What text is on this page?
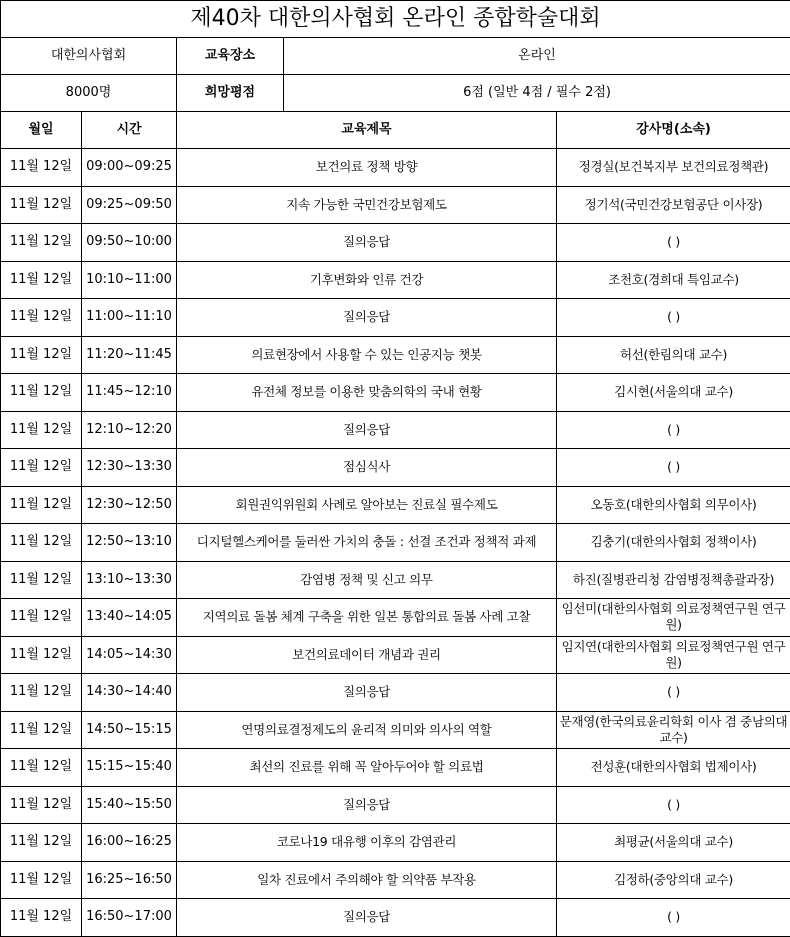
제40차 대한의사협회 온라인 종합학술대회				
대한의사협회		교육장소	온라인	
8000명		희망평점	6점 (일반 4점 / 필수 2점)	
월일	시간	교육제목		강사명(소속)
11월 12일	09:00~09:25	보건의료 정책 방향		정경실(보건복지부 보건의료정책관)
11월 12일	09:25~09:50	지속 가능한 국민건강보험제도		정기석(국민건강보험공단 이사장)
11월 12일	09:50~10:00	질의응답		( )
11월 12일	10:10~11:00	기후변화와 인류 건강		조천호(경희대 특임교수)
11월 12일	11:00~11:10	질의응답		( )
11월 12일	11:20~11:45	의료현장에서 사용할 수 있는 인공지능 챗봇		허선(한림의대 교수)
11월 12일	11:45~12:10	유전체 정보를 이용한 맞춤의학의 국내 현황		김시현(서울의대 교수)
11월 12일	12:10~12:20	질의응답		( )
11월 12일	12:30~13:30	점심식사		( )
11월 12일	12:30~12:50	회원권익위원회 사례로 알아보는 진료실 필수제도		오동호(대한의사협회 의무이사)
11월 12일	12:50~13:10	디지털헬스케어를 둘러싼 가치의 충돌 : 선결 조건과 정책적 과제		김충기(대한의사협회 정책이사)
11월 12일	13:10~13:30	감염병 정책 및 신고 의무		하진(질병관리청 감염병정책총괄과장)
11월 12일	13:40~14:05	지역의료 돌봄 체계 구축을 위한 일본 통합의료 돌봄 사례 고찰		임선미(대한의사협회 의료정책연구원 연구원)
11월 12일	14:05~14:30	보건의료데이터 개념과 권리		임지연(대한의사협회 의료정책연구원 연구원)
11월 12일	14:30~14:40	질의응답		( )
11월 12일	14:50~15:15	연명의료결정제도의 윤리적 의미와 의사의 역할		문재영(한국의료윤리학회 이사 겸 중남의대 교수)
11월 12일	15:15~15:40	최선의 진료를 위해 꼭 알아두어야 할 의료법		전성훈(대한의사협회 법제이사)
11월 12일	15:40~15:50	질의응답		( )
11월 12일	16:00~16:25	코로나19 대유행 이후의 감염관리		최평균(서울의대 교수)
11월 12일	16:25~16:50	일차 진료에서 주의해야 할 의약품 부작용		김정하(중앙의대 교수)
11월 12일	16:50~17:00	질의응답		( )
